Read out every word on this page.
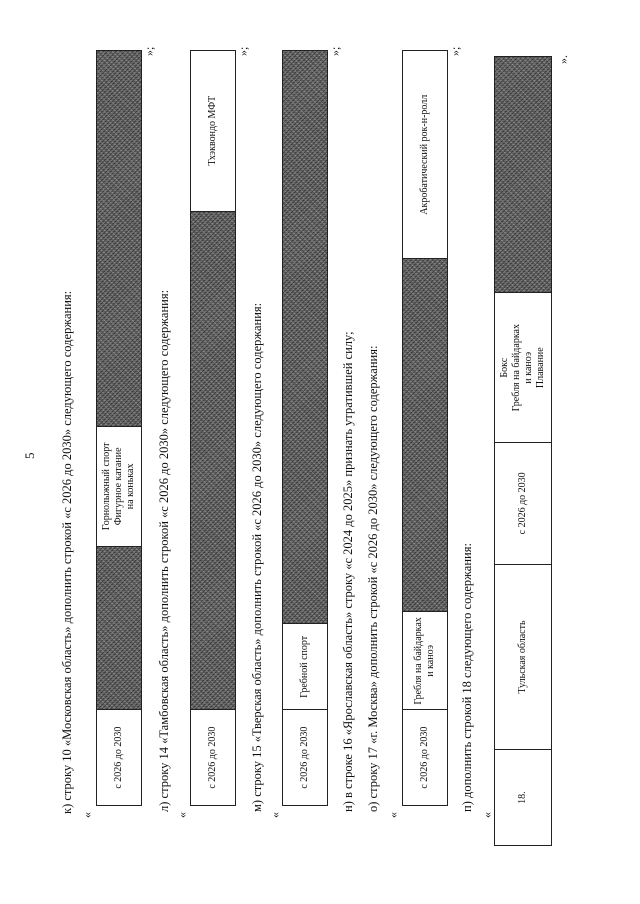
5 к) строку 10 «Московская область» дополнить строкой «с 2026 до 2030» следующего содержания:
«
с 2026 до 2030
Горнолыжный спорт
Фигурное катание
на коньках
»;
л) строку 14 «Тамбовская область» дополнить строкой «с 2026 до 2030» следующего содержания:
«
с 2026 до 2030
Тхэквондо МФТ
»;
м) строку 15 «Тверская область» дополнить строкой «с 2026 до 2030» следующего содержания:
«
с 2026 до 2030
Гребной спорт
»;
н) в строке 16 «Ярославская область» строку «с 2024 до 2025» признать утратившей силу; о) строку 17 «г. Москва» дополнить строкой «с 2026 до 2030» следующего содержания:
«
с 2026 до 2030
Гребля на байдарках
и каноэ
Акробатический рок-н-ролл
»;
п) дополнить строкой 18 следующего содержания:
«
18.
Тульская область
с 2026 до 2030
Бокс
Гребля на байдарках
и каноэ
Плавание
».
